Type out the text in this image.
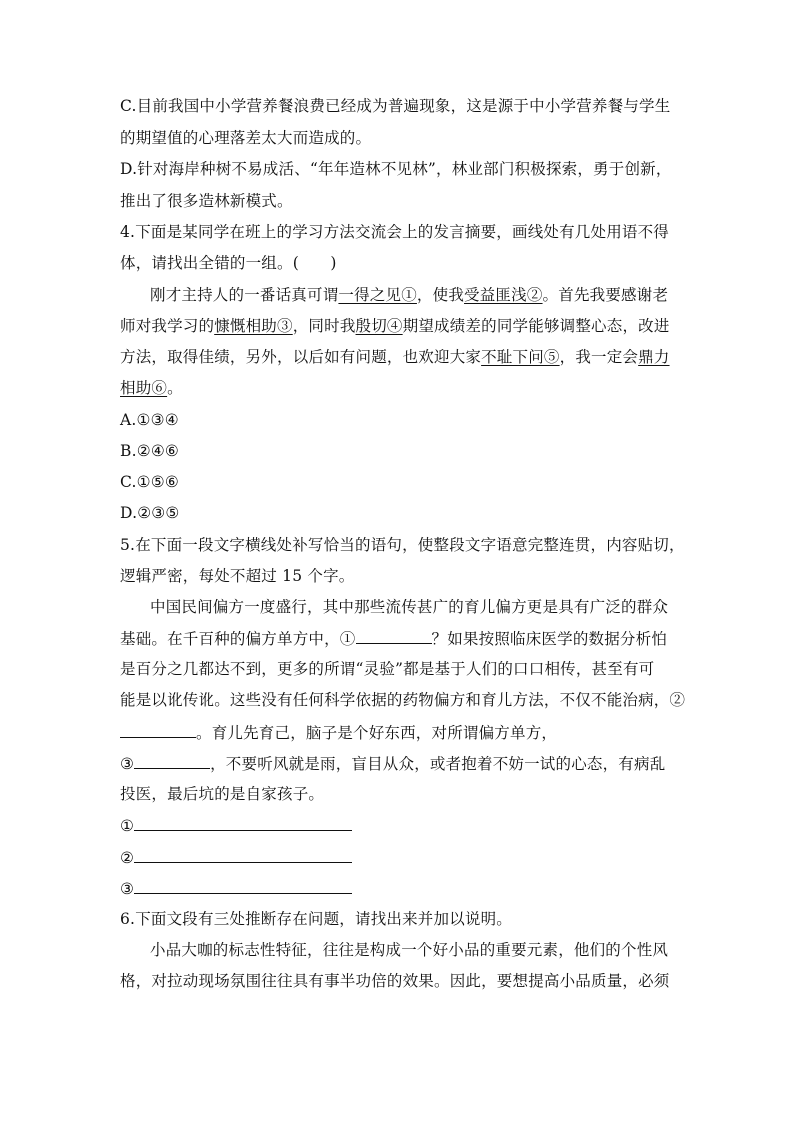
C.目前我国中小学营养餐浪费已经成为普遍现象，这是源于中小学营养餐与学生
的期望值的心理落差太大而造成的。
D.针对海岸种树不易成活、“年年造林不见林”，林业部门积极探索，勇于创新，
推出了很多造林新模式。
4.下面是某同学在班上的学习方法交流会上的发言摘要，画线处有几处用语不得
体，请找出全错的一组。(　　)
刚才主持人的一番话真可谓一得之见①，使我受益匪浅②。首先我要感谢老
师对我学习的慷慨相助③，同时我殷切④期望成绩差的同学能够调整心态，改进
方法，取得佳绩，另外，以后如有问题，也欢迎大家不耻下问⑤，我一定会鼎力
相助⑥。
A.①③④
B.②④⑥
C.①⑤⑥
D.②③⑤
5.在下面一段文字横线处补写恰当的语句，使整段文字语意完整连贯，内容贴切，
逻辑严密，每处不超过 15 个字。
中国民间偏方一度盛行，其中那些流传甚广的育儿偏方更是具有广泛的群众
基础。在千百种的偏方单方中，①	？如果按照临床医学的数据分析怕
是百分之几都达不到，更多的所谓“灵验”都是基于人们的口口相传，甚至有可
能是以讹传讹。这些没有任何科学依据的药物偏方和育儿方法，不仅不能治病，②
。育儿先育己，脑子是个好东西，对所谓偏方单方，
③	，不要听风就是雨，盲目从众，或者抱着不妨一试的心态，有病乱
投医，最后坑的是自家孩子。
①
②
③
6.下面文段有三处推断存在问题，请找出来并加以说明。
小品大咖的标志性特征，往往是构成一个好小品的重要元素，他们的个性风
格，对拉动现场氛围往往具有事半功倍的效果。因此，要想提高小品质量，必须
